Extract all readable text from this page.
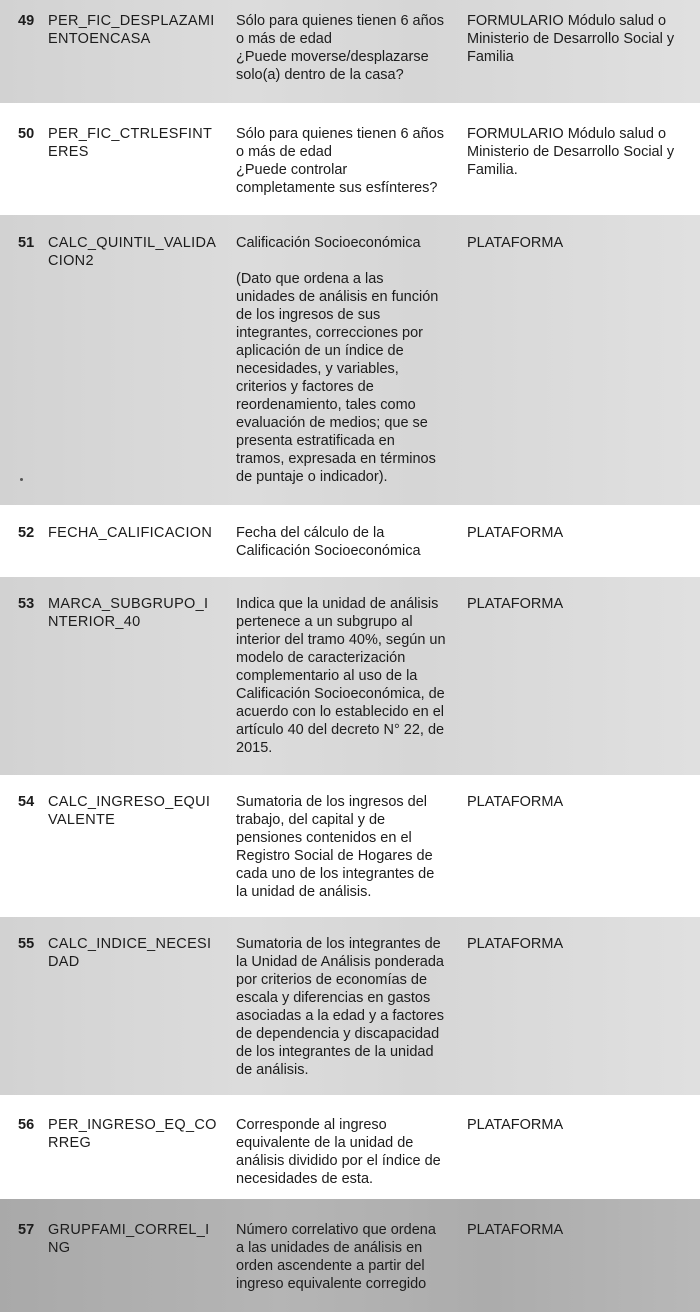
49 PER_FIC_DESPLAZAMI
ENTOENCASA
Sólo para quienes tienen 6 años
o más de edad
¿Puede moverse/desplazarse
solo(a) dentro de la casa?
FORMULARIO Módulo salud o
Ministerio de Desarrollo Social y
Familia
50 PER_FIC_CTRLESFINT
ERES
Sólo para quienes tienen 6 años
o más de edad
¿Puede controlar
completamente sus esfínteres?
FORMULARIO Módulo salud o
Ministerio de Desarrollo Social y
Familia.
51 CALC_QUINTIL_VALIDA
CION2
Calificación Socioeconómica

(Dato que ordena a las
unidades de análisis en función
de los ingresos de sus
integrantes, correcciones por
aplicación de un índice de
necesidades, y variables,
criterios y factores de
reordenamiento, tales como
evaluación de medios; que se
presenta estratificada en
tramos, expresada en términos
de puntaje o indicador).
PLATAFORMA
52 FECHA_CALIFICACION	Fecha del cálculo de la
Calificación Socioeconómica
PLATAFORMA
53 MARCA_SUBGRUPO_I
NTERIOR_40
Indica que la unidad de análisis
pertenece a un subgrupo al
interior del tramo 40%, según un
modelo de caracterización
complementario al uso de la
Calificación Socioeconómica, de
acuerdo con lo establecido en el
artículo 40 del decreto N° 22, de
2015.
PLATAFORMA
54 CALC_INGRESO_EQUI
VALENTE
Sumatoria de los ingresos del
trabajo, del capital y de
pensiones contenidos en el
Registro Social de Hogares de
cada uno de los integrantes de
la unidad de análisis.
PLATAFORMA
55 CALC_INDICE_NECESI
DAD
Sumatoria de los integrantes de
la Unidad de Análisis ponderada
por criterios de economías de
escala y diferencias en gastos
asociadas a la edad y a factores
de dependencia y discapacidad
de los integrantes de la unidad
de análisis.
PLATAFORMA
56 PER_INGRESO_EQ_CO
RREG
Corresponde al ingreso
equivalente de la unidad de
análisis dividido por el índice de
necesidades de esta.
PLATAFORMA
57 GRUPFAMI_CORREL_I
NG
Número correlativo que ordena
a las unidades de análisis en
orden ascendente a partir del
ingreso equivalente corregido
PLATAFORMA
